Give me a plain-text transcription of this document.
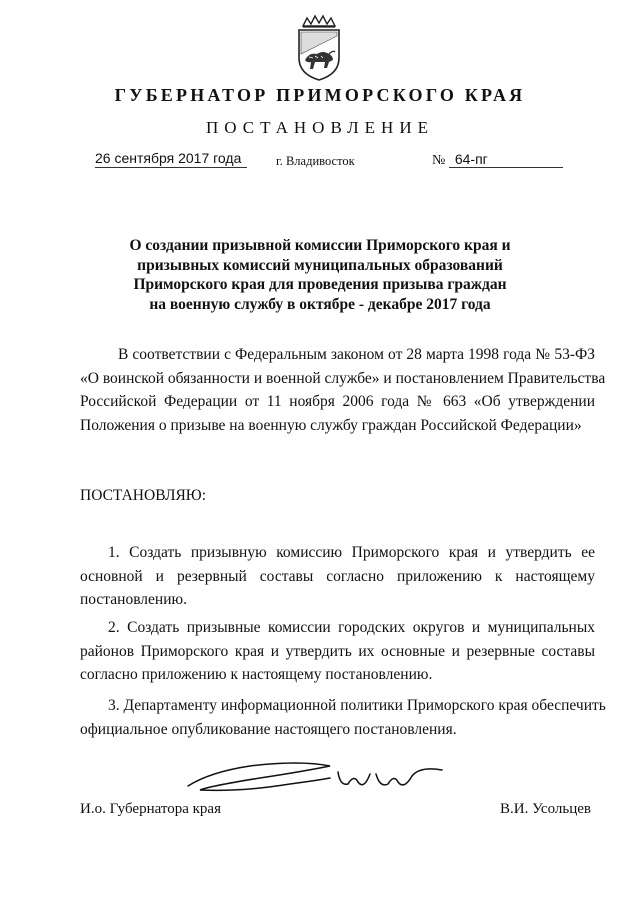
ГУБЕРНАТОР ПРИМОРСКОГО КРАЯ
ПОСТАНОВЛЕНИЕ
26 сентября 2017 года	г. Владивосток	№ 64-пг
О создании призывной комиссии Приморского края и
призывных комиссий муниципальных образований
Приморского края для проведения призыва граждан
на военную службу в октябре - декабре 2017 года
В соответствии с Федеральным законом от 28 марта 1998 года № 53-ФЗ
«О воинской обязанности и военной службе» и постановлением Правительства
Российской Федерации от 11 ноября 2006 года № 663 «Об утверждении
Положения о призыве на военную службу граждан Российской Федерации»
ПОСТАНОВЛЯЮ:
1. Создать призывную комиссию Приморского края и утвердить ее
основной и резервный составы согласно приложению к настоящему
постановлению.
2. Создать призывные комиссии городских округов и муниципальных
районов Приморского края и утвердить их основные и резервные составы
согласно приложению к настоящему постановлению.
3. Департаменту информационной политики Приморского края обеспечить
официальное опубликование настоящего постановления.
И.о. Губернатора края	В.И. Усольцев
